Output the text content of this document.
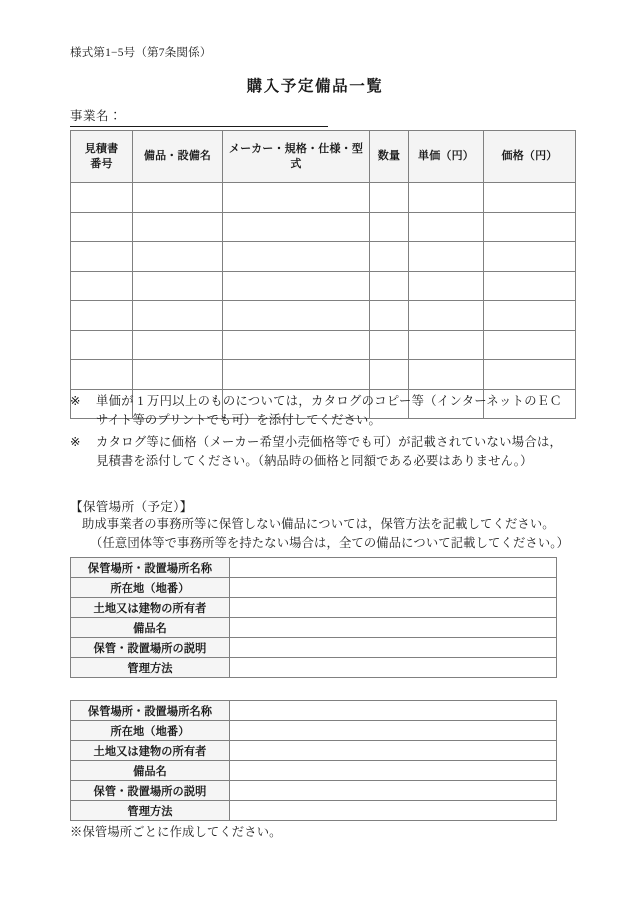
様式第1−5号（第7条関係）
購入予定備品一覧
事業名：
見積書
番号	備品・設備名	メーカー・規格・仕様・型式	数量	単価（円）	価格（円）

※	単価が 1 万円以上のものについては，カタログのコピー等（インターネットのＥＣサイト等のプリントでも可）を添付してください。
※	カタログ等に価格（メーカー希望小売価格等でも可）が記載されていない場合は，見積書を添付してください。（納品時の価格と同額である必要はありません。）
【保管場所（予定）】
助成事業者の事務所等に保管しない備品については，保管方法を記載してください。
（任意団体等で事務所等を持たない場合は，全ての備品について記載してください。）
保管場所・設置場所名称	
所在地（地番）	
土地又は建物の所有者	
備品名	
保管・設置場所の説明	
管理方法	
保管場所・設置場所名称	
所在地（地番）	
土地又は建物の所有者	
備品名	
保管・設置場所の説明	
管理方法	
※保管場所ごとに作成してください。
